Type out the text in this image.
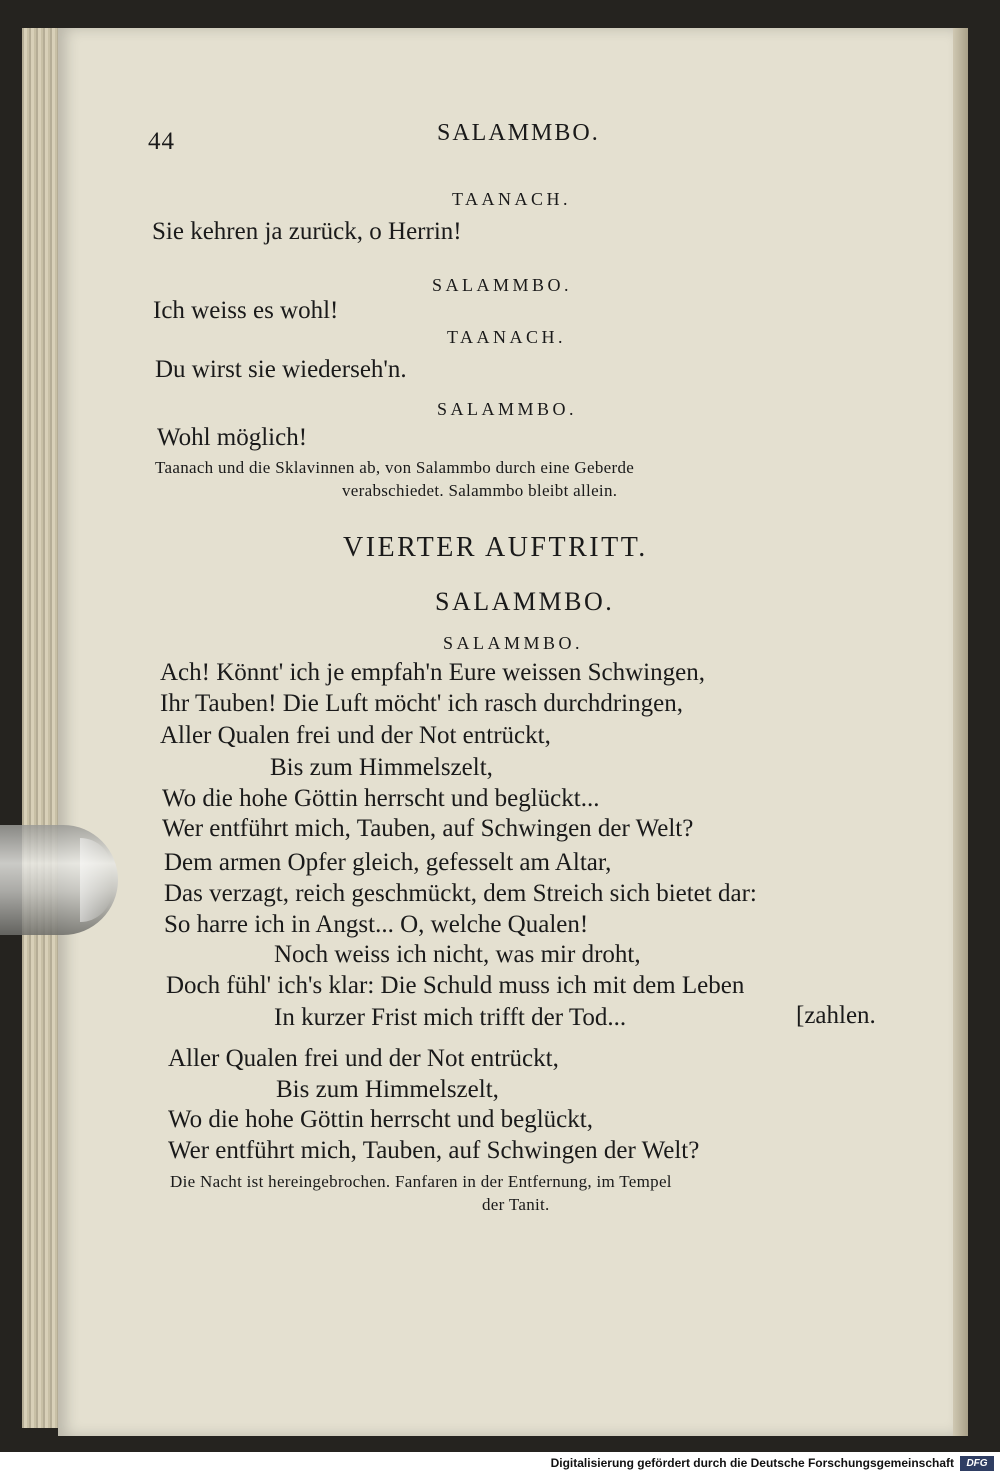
44	SALAMMBO.
TAANACH.
Sie kehren ja zurück, o Herrin!
SALAMMBO.
Ich weiss es wohl!
TAANACH.
Du wirst sie wiederseh'n.
SALAMMBO.
Wohl möglich!
Taanach und die Sklavinnen ab, von Salammbo durch eine Geberde
verabschiedet. Salammbo bleibt allein.
VIERTER AUFTRITT.
SALAMMBO.
SALAMMBO.
Ach! Könnt' ich je empfah'n Eure weissen Schwingen,
Ihr Tauben! Die Luft möcht' ich rasch durchdringen,
Aller Qualen frei und der Not entrückt,
Bis zum Himmelszelt,
Wo die hohe Göttin herrscht und beglückt...
Wer entführt mich, Tauben, auf Schwingen der Welt?
Dem armen Opfer gleich, gefesselt am Altar,
Das verzagt, reich geschmückt, dem Streich sich bietet dar:
So harre ich in Angst... O, welche Qualen!
Noch weiss ich nicht, was mir droht,
Doch fühl' ich's klar: Die Schuld muss ich mit dem Leben
In kurzer Frist mich trifft der Tod...	[zahlen.
Aller Qualen frei und der Not entrückt,
Bis zum Himmelszelt,
Wo die hohe Göttin herrscht und beglückt,
Wer entführt mich, Tauben, auf Schwingen der Welt?
Die Nacht ist hereingebrochen. Fanfaren in der Entfernung, im Tempel
der Tanit.
Digitalisierung gefördert durch die Deutsche Forschungsgemeinschaft	DFG
